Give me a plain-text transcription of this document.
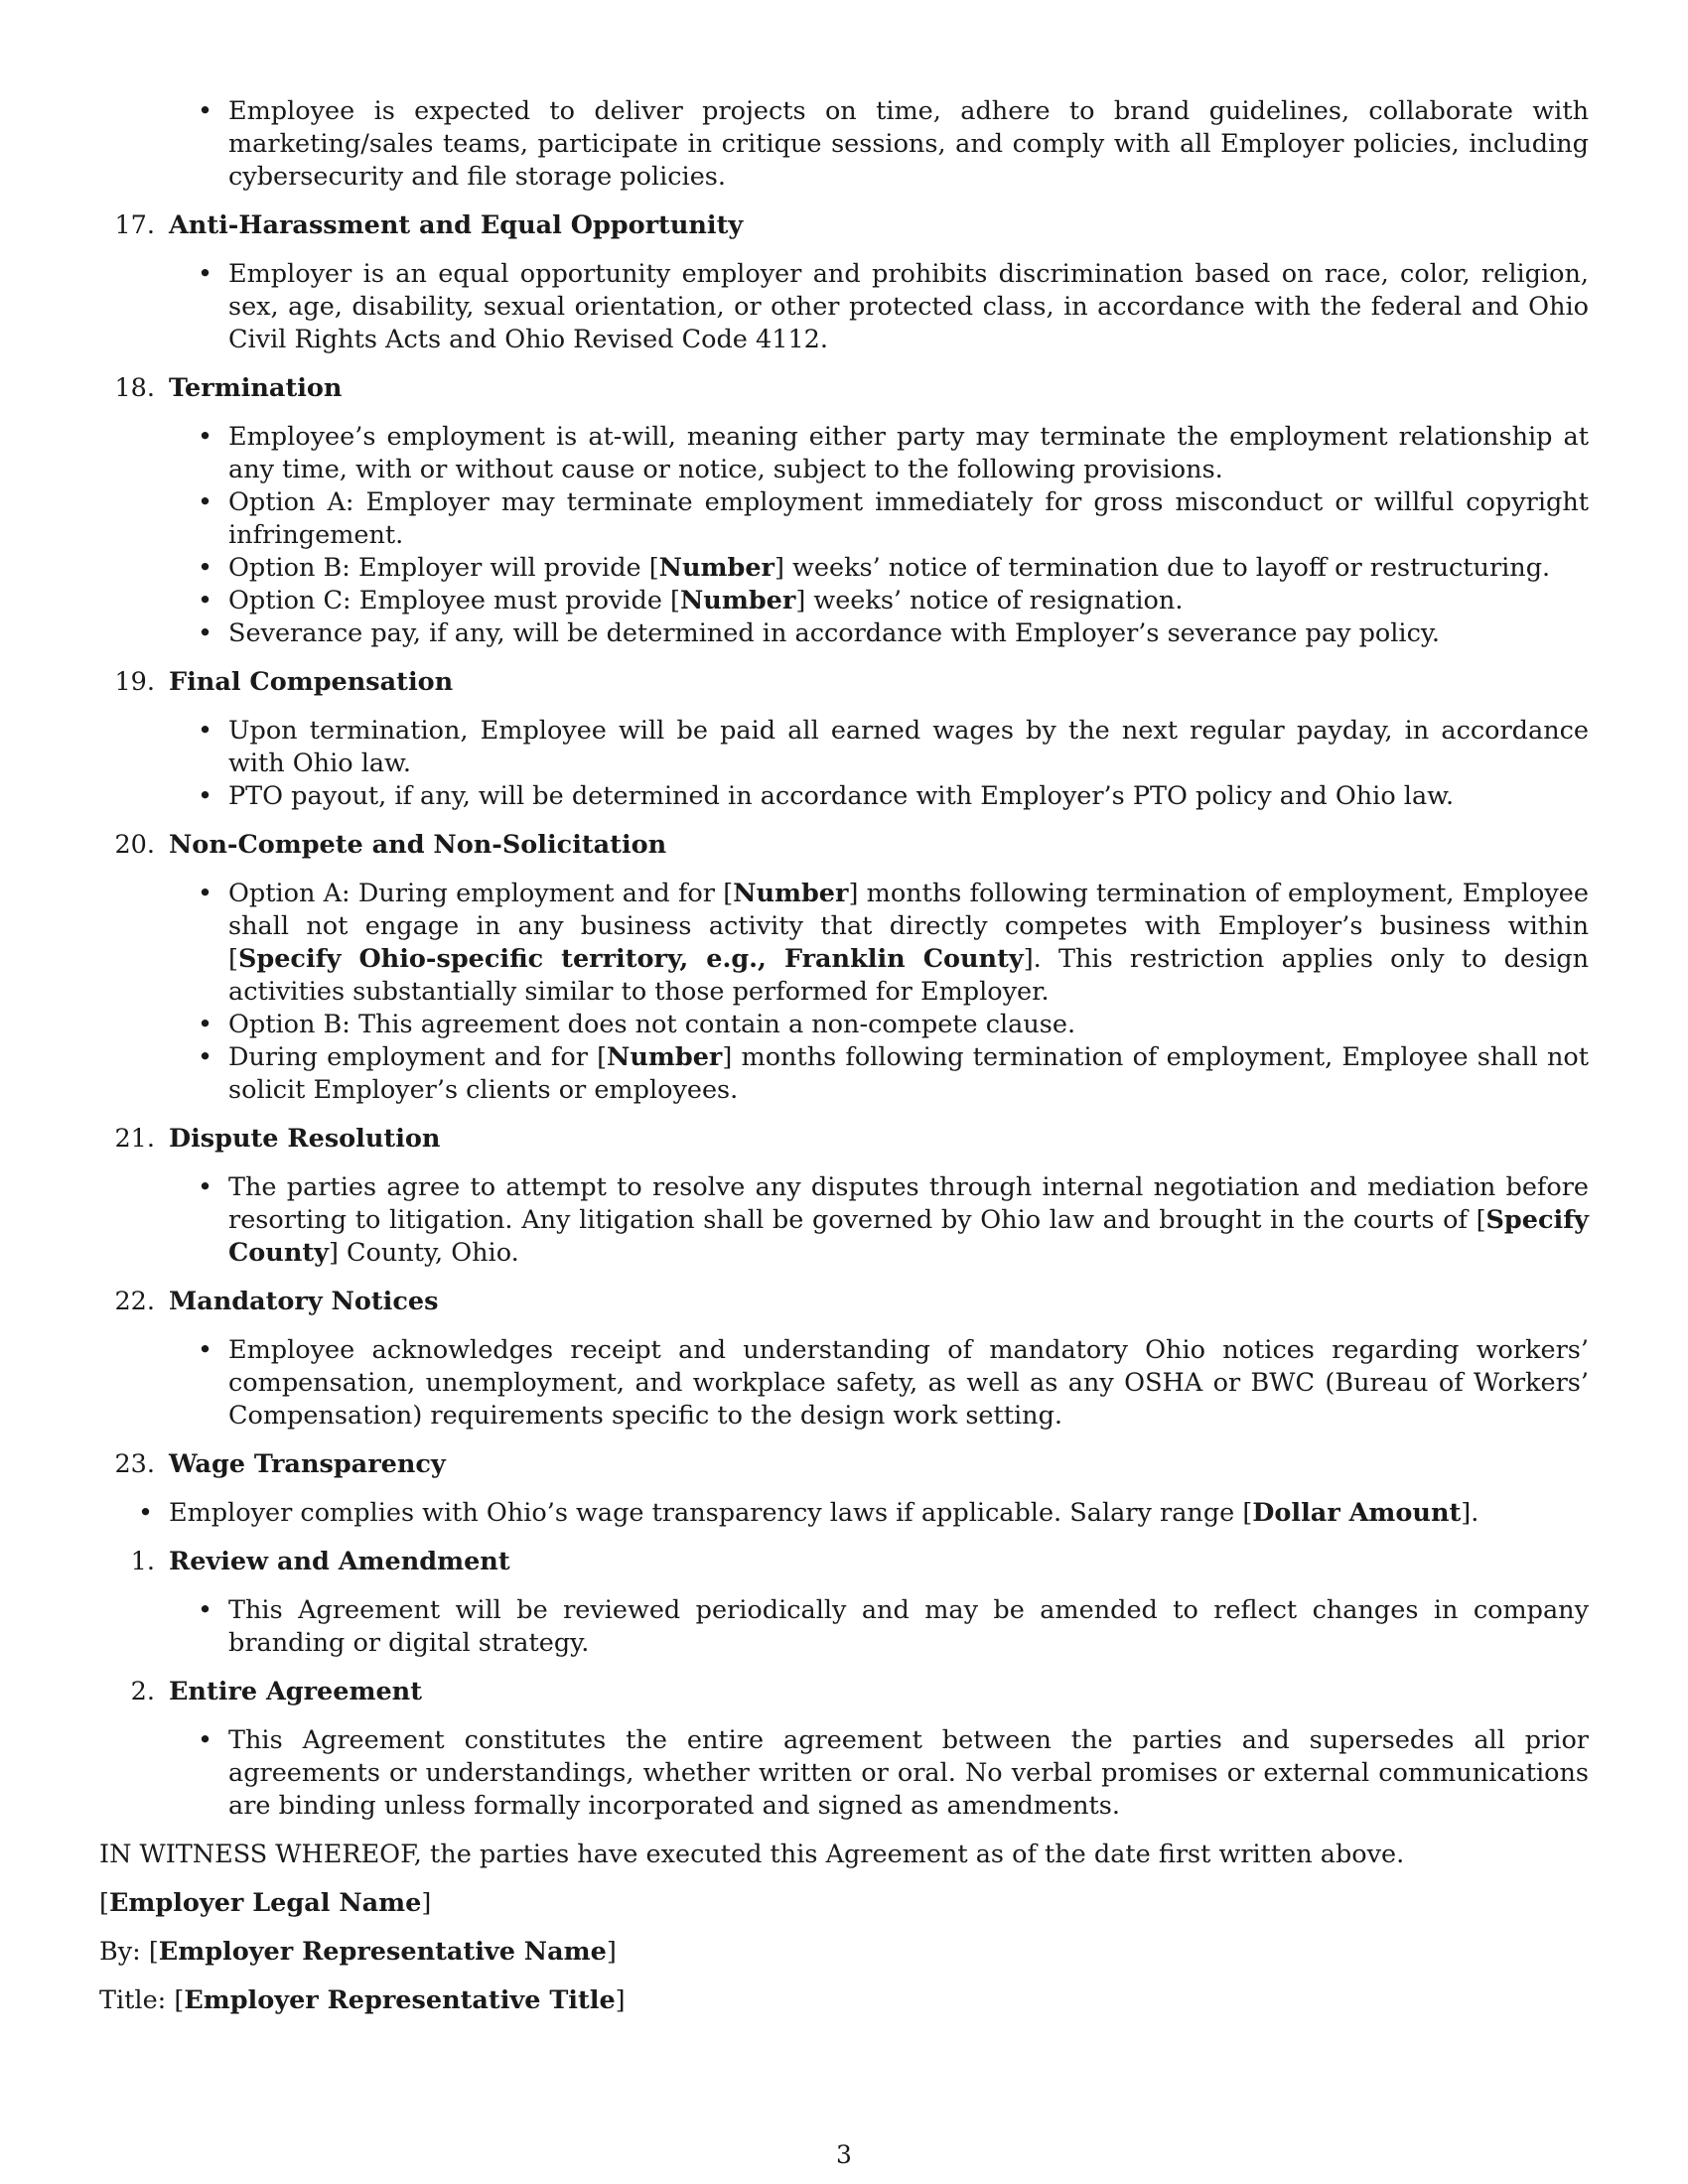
• Employee is expected to deliver projects on time, adhere to brand guidelines, collaborate with marketing/sales teams, participate in critique sessions, and comply with all Employer policies, including cybersecurity and file storage policies.
17. Anti-Harassment and Equal Opportunity
• Employer is an equal opportunity employer and prohibits discrimination based on race, color, religion, sex, age, disability, sexual orientation, or other protected class, in accordance with the federal and Ohio Civil Rights Acts and Ohio Revised Code 4112.
18. Termination
• Employee’s employment is at-will, meaning either party may terminate the employment relationship at any time, with or without cause or notice, subject to the following provisions.
• Option A: Employer may terminate employment immediately for gross misconduct or willful copyright infringement.
• Option B: Employer will provide [Number] weeks’ notice of termination due to layoff or restructuring.
• Option C: Employee must provide [Number] weeks’ notice of resignation.
• Severance pay, if any, will be determined in accordance with Employer’s severance pay policy.
19. Final Compensation
• Upon termination, Employee will be paid all earned wages by the next regular payday, in accordance with Ohio law.
• PTO payout, if any, will be determined in accordance with Employer’s PTO policy and Ohio law.
20. Non-Compete and Non-Solicitation
• Option A: During employment and for [Number] months following termination of employment, Employee shall not engage in any business activity that directly competes with Employer’s business within [Specify Ohio-specific territory, e.g., Franklin County]. This restriction applies only to design activities substantially similar to those performed for Employer.
• Option B: This agreement does not contain a non-compete clause.
• During employment and for [Number] months following termination of employment, Employee shall not solicit Employer’s clients or employees.
21. Dispute Resolution
• The parties agree to attempt to resolve any disputes through internal negotiation and mediation before resorting to litigation. Any litigation shall be governed by Ohio law and brought in the courts of [Specify County] County, Ohio.
22. Mandatory Notices
• Employee acknowledges receipt and understanding of mandatory Ohio notices regarding workers’ compensation, unemployment, and workplace safety, as well as any OSHA or BWC (Bureau of Workers’ Compensation) requirements specific to the design work setting.
23. Wage Transparency
• Employer complies with Ohio’s wage transparency laws if applicable. Salary range [Dollar Amount].
1. Review and Amendment
• This Agreement will be reviewed periodically and may be amended to reflect changes in company branding or digital strategy.
2. Entire Agreement
• This Agreement constitutes the entire agreement between the parties and supersedes all prior agreements or understandings, whether written or oral. No verbal promises or external communications are binding unless formally incorporated and signed as amendments.

IN WITNESS WHEREOF, the parties have executed this Agreement as of the date first written above.

[Employer Legal Name]

By: [Employer Representative Name]

Title: [Employer Representative Title]

3
